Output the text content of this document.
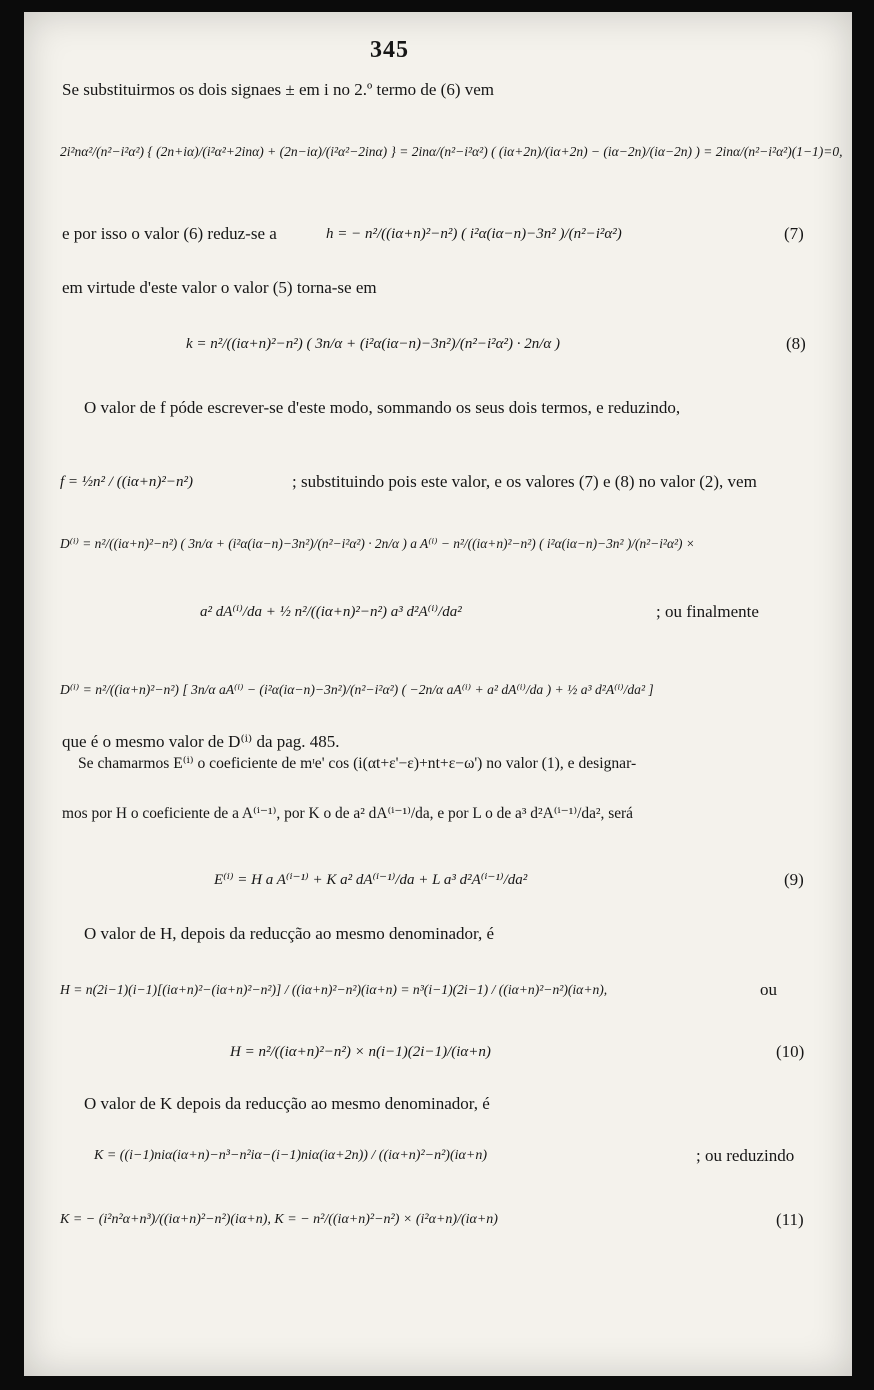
345
Se substituirmos os dois signaes ± em i no 2.º termo de (6) vem
2i²nα²/(n²−i²α²) { (2n+iα)/(i²α²+2inα) + (2n−iα)/(i²α²−2inα) } = 2inα/(n²−i²α²) ( (iα+2n)/(iα+2n) − (iα−2n)/(iα−2n) ) = 2inα/(n²−i²α²)(1−1)=0,
e por isso o valor (6) reduz-se a	h = − n²/((iα+n)²−n²) ( i²α(iα−n)−3n² )/(n²−i²α²)	(7)
em virtude d'este valor o valor (5) torna-se em
k = n²/((iα+n)²−n²) ( 3n/α + (i²α(iα−n)−3n²)/(n²−i²α²) · 2n/α )	(8)
O valor de f póde escrever-se d'este modo, sommando os seus dois termos, e reduzindo,
f = ½n² / ((iα+n)²−n²)	; substituindo pois este valor, e os valores (7) e (8) no valor (2), vem
D⁽ⁱ⁾ = n²/((iα+n)²−n²) ( 3n/α + (i²α(iα−n)−3n²)/(n²−i²α²) · 2n/α ) a A⁽ⁱ⁾ − n²/((iα+n)²−n²) ( i²α(iα−n)−3n² )/(n²−i²α²) ×
a² dA⁽ⁱ⁾/da + ½ n²/((iα+n)²−n²) a³ d²A⁽ⁱ⁾/da²	; ou finalmente
D⁽ⁱ⁾ = n²/((iα+n)²−n²) [ 3n/α aA⁽ⁱ⁾ − (i²α(iα−n)−3n²)/(n²−i²α²) ( −2n/α aA⁽ⁱ⁾ + a² dA⁽ⁱ⁾/da ) + ½ a³ d²A⁽ⁱ⁾/da² ]
que é o mesmo valor de D⁽ⁱ⁾ da pag. 485.
Se chamarmos E⁽ⁱ⁾ o coeficiente de mᶦe' cos (i(αt+ε'−ε)+nt+ε−ω') no valor (1), e designar-
mos por H o coeficiente de a A⁽ⁱ⁻¹⁾, por K o de a² dA⁽ⁱ⁻¹⁾/da, e por L o de a³ d²A⁽ⁱ⁻¹⁾/da², será
E⁽ⁱ⁾ = H a A⁽ⁱ⁻¹⁾ + K a² dA⁽ⁱ⁻¹⁾/da + L a³ d²A⁽ⁱ⁻¹⁾/da²	(9)
O valor de H, depois da reducção ao mesmo denominador, é
H = n(2i−1)(i−1)[(iα+n)²−(iα+n)²−n²)] / ((iα+n)²−n²)(iα+n) = n³(i−1)(2i−1) / ((iα+n)²−n²)(iα+n),	ou
H = n²/((iα+n)²−n²) × n(i−1)(2i−1)/(iα+n)	(10)
O valor de K depois da reducção ao mesmo denominador, é
K = ((i−1)niα(iα+n)−n³−n²iα−(i−1)niα(iα+2n)) / ((iα+n)²−n²)(iα+n)	; ou reduzindo
K = − (i²n²α+n³)/((iα+n)²−n²)(iα+n), K = − n²/((iα+n)²−n²) × (i²α+n)/(iα+n)	(11)
